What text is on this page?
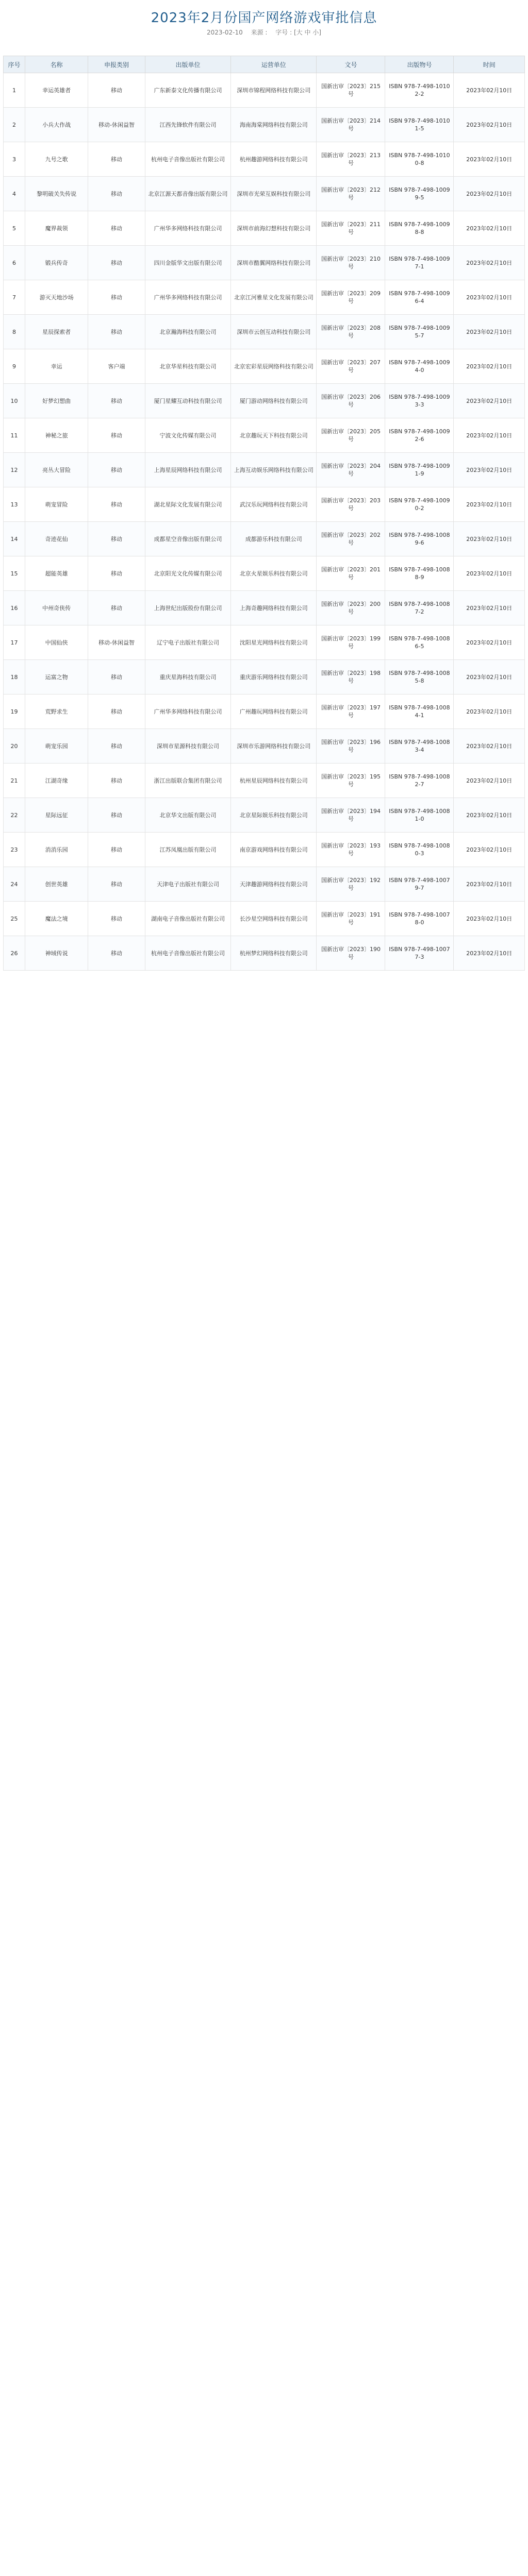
2023年2月份国产网络游戏审批信息
2023-02-10 来源 : 字号 : [大 中 小]
序号	名称	申报类别	出版单位	运营单位	文号	出版物号	时间
1	幸运英雄者	移动	广东新泰文化传播有限公司	深圳市锦程网络科技有限公司	国新出审〔2023〕215号	ISBN 978-7-498-10102-2	2023年02月10日
2	小兵大作战	移动-休闲益智	江西先锋软件有限公司	海南海棠网络科技有限公司	国新出审〔2023〕214号	ISBN 978-7-498-10101-5	2023年02月10日
3	九号之歌	移动	杭州电子音像出版社有限公司	杭州趣游网络科技有限公司	国新出审〔2023〕213号	ISBN 978-7-498-10100-8	2023年02月10日
4	黎明破关失传说	移动	北京江源天都音像出版有限公司	深圳市光荣互娱科技有限公司	国新出审〔2023〕212号	ISBN 978-7-498-10099-5	2023年02月10日
5	魔界裁领	移动	广州华多网络科技有限公司	深圳市前海幻想科技有限公司	国新出审〔2023〕211号	ISBN 978-7-498-10098-8	2023年02月10日
6	锻兵传奇	移动	四川金版华文出版有限公司	深圳市酷翼网络科技有限公司	国新出审〔2023〕210号	ISBN 978-7-498-10097-1	2023年02月10日
7	游灭天地沙场	移动	广州华多网络科技有限公司	北京江河雅星文化发展有限公司	国新出审〔2023〕209号	ISBN 978-7-498-10096-4	2023年02月10日
8	星辰探索者	移动	北京瀚海科技有限公司	深圳市云创互动科技有限公司	国新出审〔2023〕208号	ISBN 978-7-498-10095-7	2023年02月10日
9	幸运	客户端	北京华星科技有限公司	北京宏彩星辰网络科技有限公司	国新出审〔2023〕207号	ISBN 978-7-498-10094-0	2023年02月10日
10	好梦幻想曲	移动	厦门星耀互动科技有限公司	厦门游动网络科技有限公司	国新出审〔2023〕206号	ISBN 978-7-498-10093-3	2023年02月10日
11	神秘之旅	移动	宁波文化传媒有限公司	北京趣玩天下科技有限公司	国新出审〔2023〕205号	ISBN 978-7-498-10092-6	2023年02月10日
12	亮丛大冒险	移动	上海星辰网络科技有限公司	上海互动娱乐网络科技有限公司	国新出审〔2023〕204号	ISBN 978-7-498-10091-9	2023年02月10日
13	萌宠冒险	移动	湖北星际文化发展有限公司	武汉乐玩网络科技有限公司	国新出审〔2023〕203号	ISBN 978-7-498-10090-2	2023年02月10日
14	奇迹花仙	移动	成都星空音像出版有限公司	成都游乐科技有限公司	国新出审〔2023〕202号	ISBN 978-7-498-10089-6	2023年02月10日
15	超能英雄	移动	北京阳光文化传媒有限公司	北京火星娱乐科技有限公司	国新出审〔2023〕201号	ISBN 978-7-498-10088-9	2023年02月10日
16	中州奇侠传	移动	上海世纪出版股份有限公司	上海奇趣网络科技有限公司	国新出审〔2023〕200号	ISBN 978-7-498-10087-2	2023年02月10日
17	中国仙侠	移动-休闲益智	辽宁电子出版社有限公司	沈阳星光网络科技有限公司	国新出审〔2023〕199号	ISBN 978-7-498-10086-5	2023年02月10日
18	运富之物	移动	重庆星海科技有限公司	重庆游乐网络科技有限公司	国新出审〔2023〕198号	ISBN 978-7-498-10085-8	2023年02月10日
19	荒野求生	移动	广州华多网络科技有限公司	广州趣玩网络科技有限公司	国新出审〔2023〕197号	ISBN 978-7-498-10084-1	2023年02月10日
20	萌宠乐园	移动	深圳市星源科技有限公司	深圳市乐游网络科技有限公司	国新出审〔2023〕196号	ISBN 978-7-498-10083-4	2023年02月10日
21	江湖奇缘	移动	浙江出版联合集团有限公司	杭州星辰网络科技有限公司	国新出审〔2023〕195号	ISBN 978-7-498-10082-7	2023年02月10日
22	星际远征	移动	北京华文出版有限公司	北京星际娱乐科技有限公司	国新出审〔2023〕194号	ISBN 978-7-498-10081-0	2023年02月10日
23	消消乐园	移动	江苏凤凰出版有限公司	南京游戏网络科技有限公司	国新出审〔2023〕193号	ISBN 978-7-498-10080-3	2023年02月10日
24	创世英雄	移动	天津电子出版社有限公司	天津趣游网络科技有限公司	国新出审〔2023〕192号	ISBN 978-7-498-10079-7	2023年02月10日
25	魔法之境	移动	湖南电子音像出版社有限公司	长沙星空网络科技有限公司	国新出审〔2023〕191号	ISBN 978-7-498-10078-0	2023年02月10日
26	神域传说	移动	杭州电子音像出版社有限公司	杭州梦幻网络科技有限公司	国新出审〔2023〕190号	ISBN 978-7-498-10077-3	2023年02月10日
